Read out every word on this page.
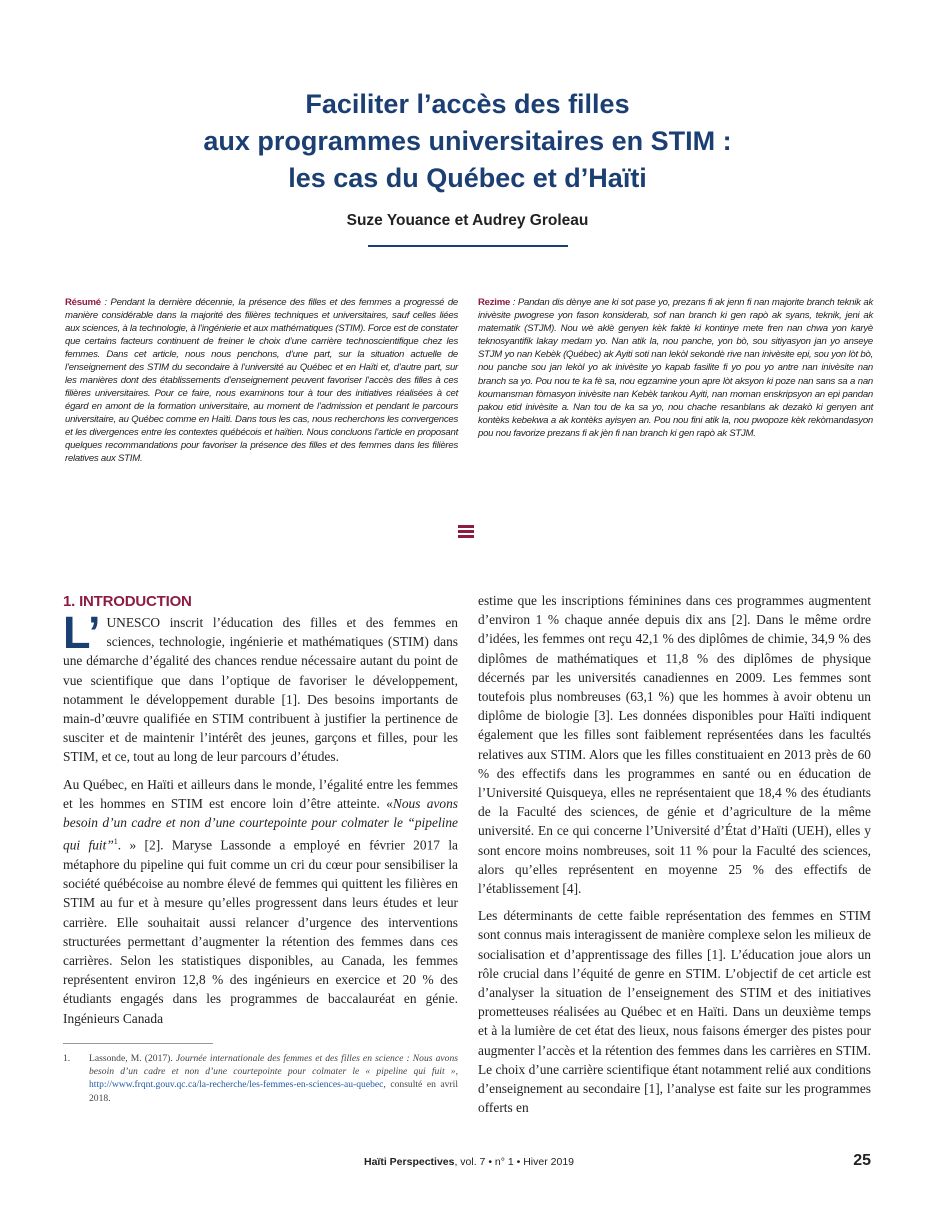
Faciliter l’accès des filles
aux programmes universitaires en STIM :
les cas du Québec et d’Haïti
Suze Youance et Audrey Groleau
Résumé : Pendant la dernière décennie, la présence des filles et des femmes a progressé de manière considérable dans la majorité des filières techniques et universitaires, sauf celles liées aux sciences, à la technologie, à l’ingénierie et aux mathématiques (STIM). Force est de constater que certains facteurs continuent de freiner le choix d’une carrière technoscientifique chez les femmes. Dans cet article, nous nous penchons, d’une part, sur la situation actuelle de l’enseignement des STIM du secondaire à l’université au Québec et en Haïti et, d’autre part, sur les manières dont des établissements d’enseignement peuvent favoriser l’accès des filles à ces filières universitaires. Pour ce faire, nous examinons tour à tour des initiatives réalisées à cet égard en amont de la formation universitaire, au moment de l’admission et pendant le parcours universitaire, au Québec comme en Haïti. Dans tous les cas, nous recherchons les convergences et les divergences entre les contextes québécois et haïtien. Nous concluons l’article en proposant quelques recommandations pour favoriser la présence des filles et des femmes dans les filières relatives aux STIM.
Rezime : Pandan dis dènye ane ki sot pase yo, prezans fi ak jenn fi nan majorite branch teknik ak inivèsite pwogrese yon fason konsiderab, sof nan branch ki gen rapò ak syans, teknik, jeni ak matematik (STJM). Nou wè aklè genyen kèk faktè ki kontinye mete fren nan chwa yon karyè teknosyantifik lakay medam yo. Nan atik la, nou panche, yon bò, sou sitiyasyon jan yo anseye STJM yo nan Kebèk (Québec) ak Ayiti soti nan lekòl sekondè rive nan inivèsite epi, sou yon lòt bò, nou panche sou jan lekòl yo ak inivèsite yo kapab fasilite fi yo pou yo antre nan inivèsite nan branch sa yo. Pou nou te ka fè sa, nou egzamine youn apre lòt aksyon ki poze nan sans sa a nan koumansman fòmasyon inivèsite nan Kebèk tankou Ayiti, nan moman enskripsyon an epi pandan pakou etid inivèsite a. Nan tou de ka sa yo, nou chache resanblans ak dezakò ki genyen ant kontèks kebekwa a ak kontèks ayisyen an. Pou nou fini atik la, nou pwopoze kèk rekòmandasyon pou nou favorize prezans fi ak jèn fi nan branch ki gen rapò ak STJM.
1. INTRODUCTION

L’ UNESCO inscrit l’éducation des filles et des femmes en sciences, technologie, ingénierie et mathématiques (STIM) dans une démarche d’égalité des chances rendue nécessaire autant du point de vue scientifique que dans l’optique de favoriser le développement, notamment le développement durable [1]. Des besoins importants de main-d’œuvre qualifiée en STIM contribuent à justifier la pertinence de susciter et de maintenir l’intérêt des jeunes, garçons et filles, pour les STIM, et ce, tout au long de leur parcours d’études.

Au Québec, en Haïti et ailleurs dans le monde, l’égalité entre les femmes et les hommes en STIM est encore loin d’être atteinte. «Nous avons besoin d’un cadre et non d’une courtepointe pour colmater le “pipeline qui fuit”$^1$. » [2]. Maryse Lassonde a employé en février 2017 la métaphore du pipeline qui fuit comme un cri du cœur pour sensibiliser la société québécoise au nombre élevé de femmes qui quittent les filières en STIM au fur et à mesure qu’elles progressent dans leurs études et leur carrière. Elle souhaitait aussi relancer d’urgence des interventions structurées permettant d’augmenter la rétention des femmes dans ces carrières. Selon les statistiques disponibles, au Canada, les femmes représentent environ 12,8 % des ingénieurs en exercice et 20 % des étudiants engagés dans les programmes de baccalauréat en génie. Ingénieurs Canada

estime que les inscriptions féminines dans ces programmes augmentent d’environ 1 % chaque année depuis dix ans [2]. Dans le même ordre d’idées, les femmes ont reçu 42,1 % des diplômes de chimie, 34,9 % des diplômes de mathématiques et 11,8 % des diplômes de physique décernés par les universités canadiennes en 2009. Les femmes sont toutefois plus nombreuses (63,1 %) que les hommes à avoir obtenu un diplôme de biologie [3]. Les données disponibles pour Haïti indiquent également que les filles sont faiblement représentées dans les facultés relatives aux STIM. Alors que les filles constituaient en 2013 près de 60 % des effectifs dans les programmes en santé ou en éducation de l’Université Quisqueya, elles ne représentaient que 18,4 % des étudiants de la Faculté des sciences, de génie et d’agriculture de la même université. En ce qui concerne l’Université d’État d’Haïti (UEH), elles y sont encore moins nombreuses, soit 11 % pour la Faculté des sciences, alors qu’elles représentent en moyenne 25 % des effectifs de l’établissement [4].

Les déterminants de cette faible représentation des femmes en STIM sont connus mais interagissent de manière complexe selon les milieux de socialisation et d’apprentissage des filles [1]. L’éducation joue alors un rôle crucial dans l’équité de genre en STIM. L’objectif de cet article est d’analyser la situation de l’enseignement des STIM et des initiatives prometteuses réalisées au Québec et en Haïti. Dans un deuxième temps et à la lumière de cet état des lieux, nous faisons émerger des pistes pour augmenter l’accès et la rétention des femmes dans les carrières en STIM. Le choix d’une carrière scientifique étant notamment relié aux conditions d’enseignement au secondaire [1], l’analyse est faite sur les programmes offerts en

1. Lassonde, M. (2017). Journée internationale des femmes et des filles en science : Nous avons besoin d’un cadre et non d’une courtepointe pour colmater le « pipeline qui fuit », http://www.frqnt.gouv.qc.ca/la-recherche/les-femmes-en-sciences-au-quebec, consulté en avril 2018.
Haïti Perspectives, vol. 7 • n° 1 • Hiver 2019	25
